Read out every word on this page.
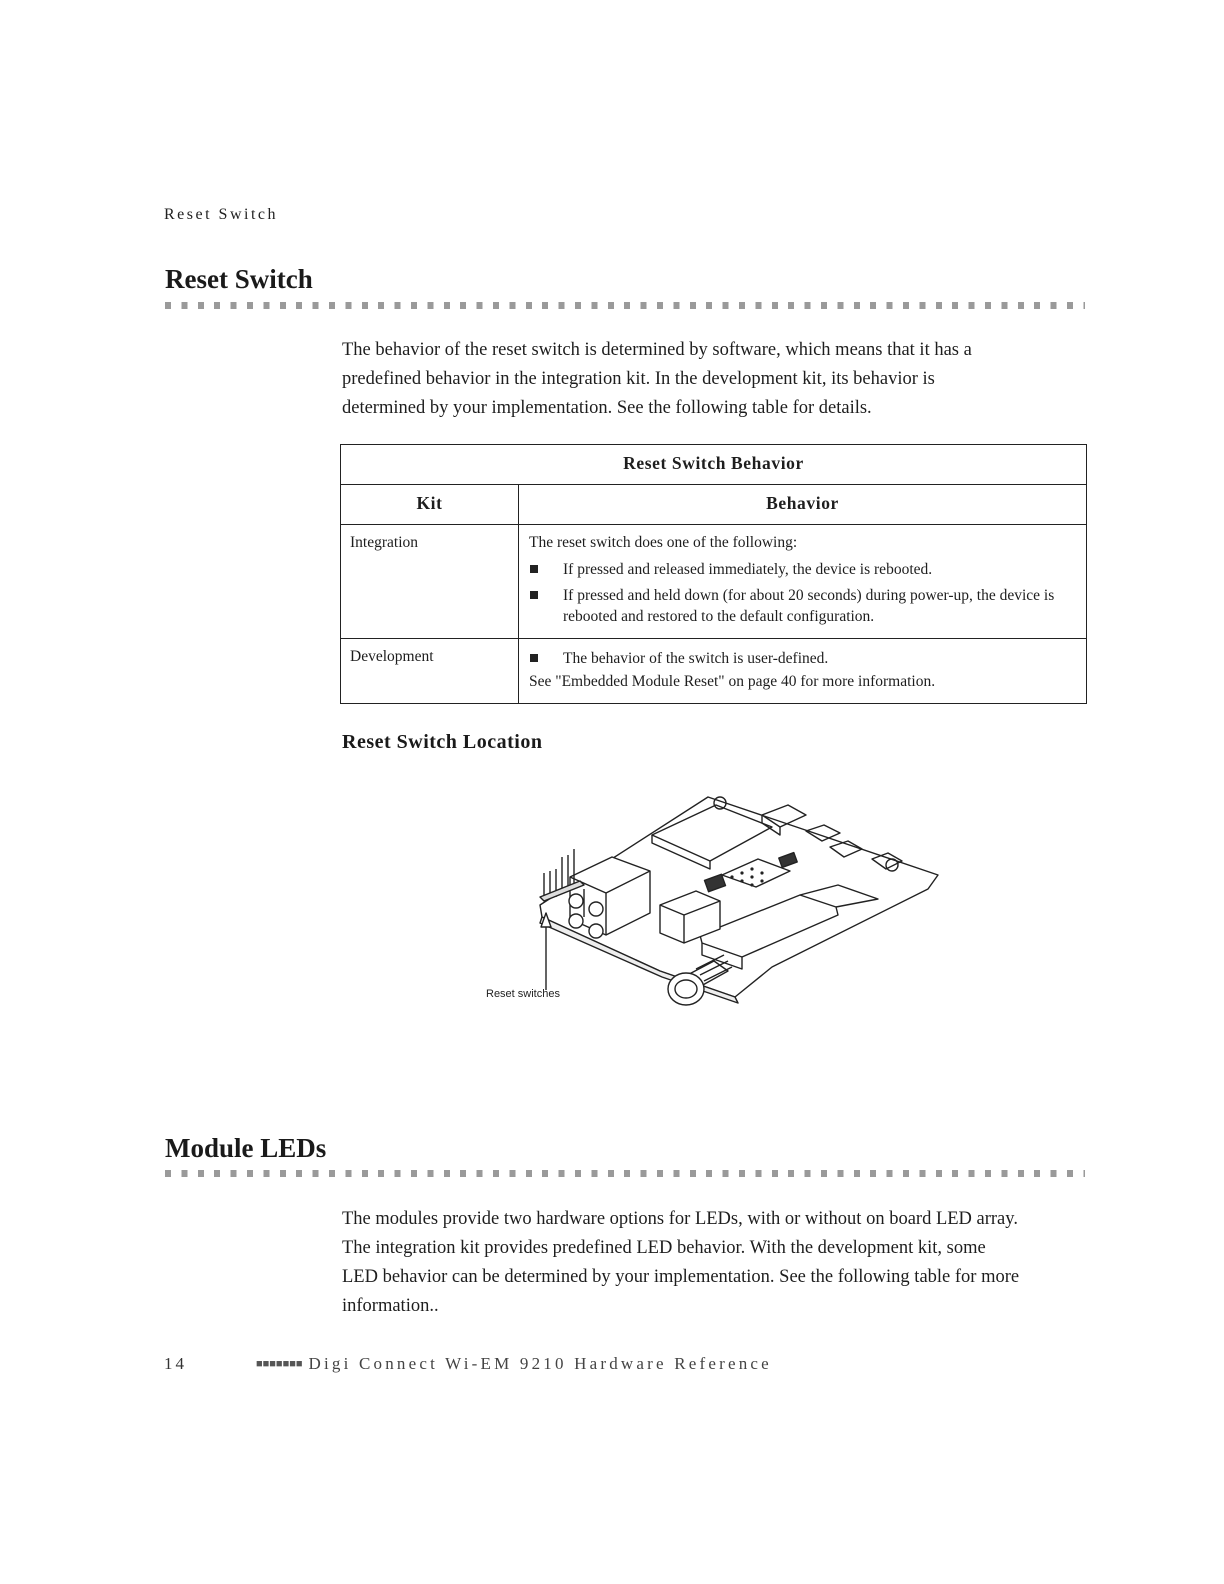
Reset Switch
Reset Switch
The behavior of the reset switch is determined by software, which means that it has a
predefined behavior in the integration kit. In the development kit, its behavior is
determined by your implementation. See the following table for details.
Reset Switch Behavior	
Kit	Behavior
Integration	The reset switch does one of the following:
If pressed and released immediately, the device is rebooted.
If pressed and held down (for about 20 seconds) during power-up, the device is rebooted and restored to the default configuration.

Development	The behavior of the switch is user-defined.
See "Embedded Module Reset" on page 40 for more information.
Reset Switch Location
Reset switches
Module LEDs
The modules provide two hardware options for LEDs, with or without on board LED array.
The integration kit provides predefined LED behavior. With the development kit, some
LED behavior can be determined by your implementation. See the following table for more
information..
14	■■■■■■■ Digi Connect Wi-EM 9210 Hardware Reference
